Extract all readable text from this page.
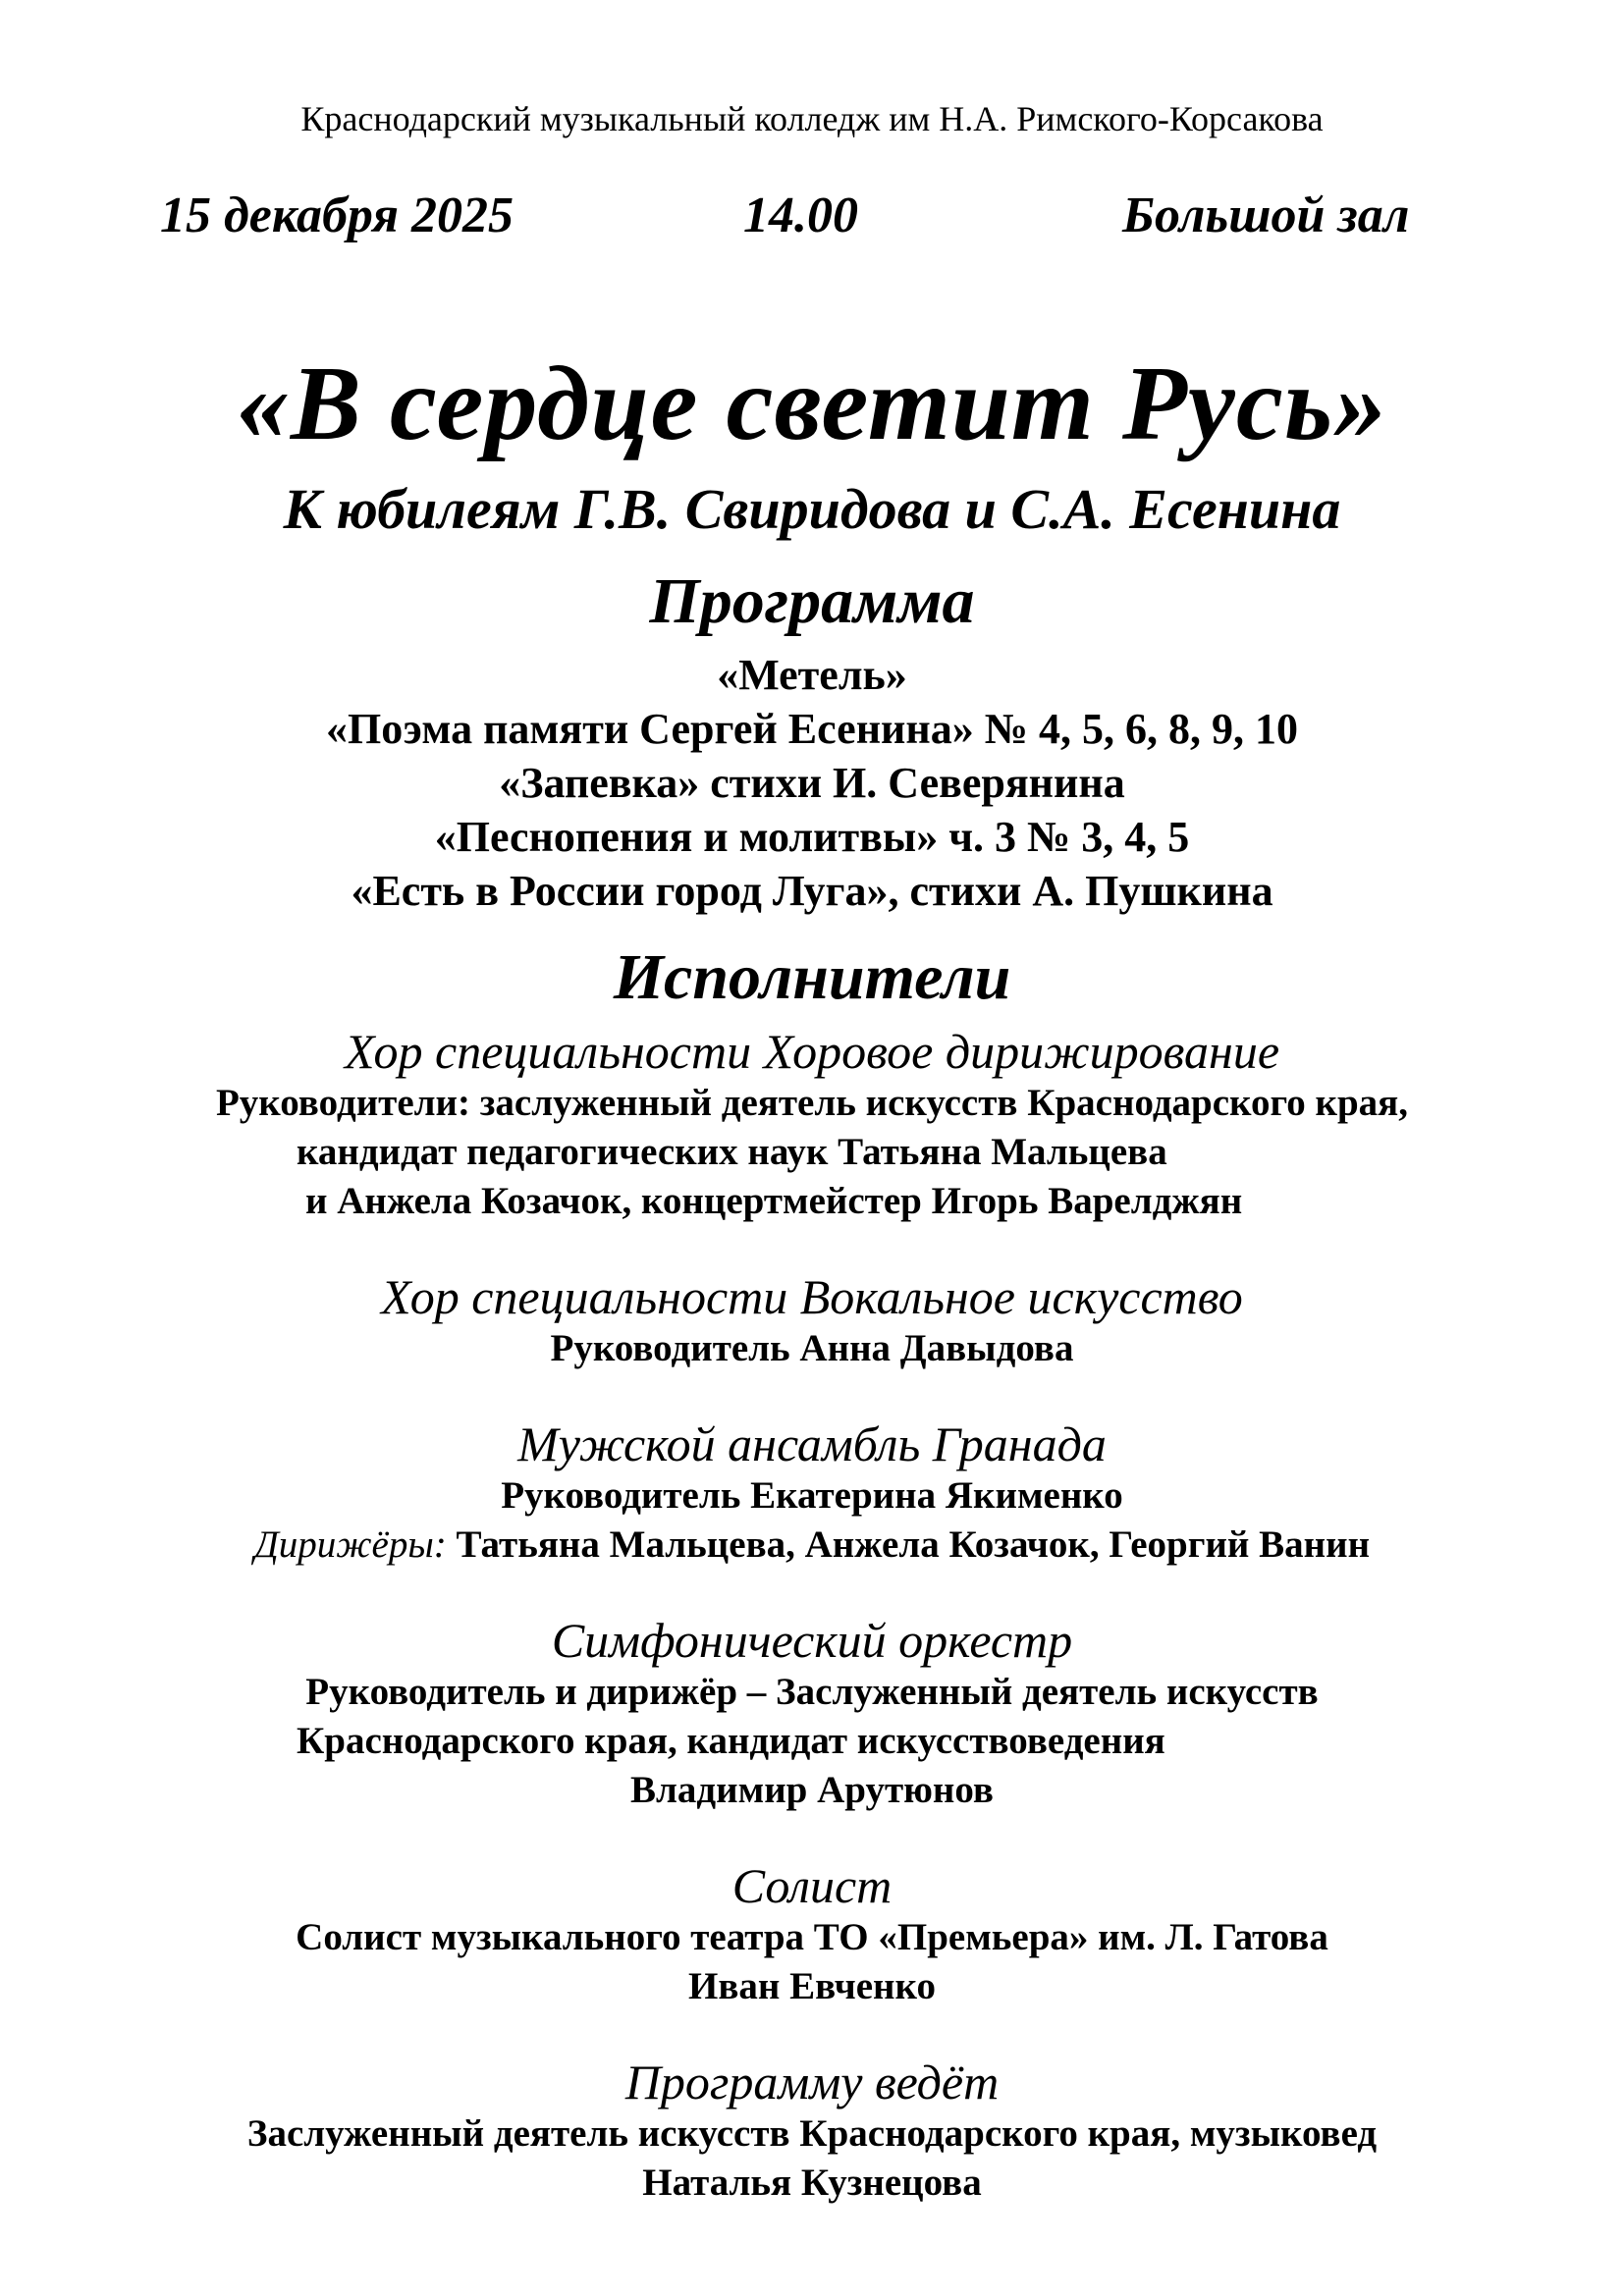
Краснодарский музыкальный колледж им Н.А. Римского-Корсакова
15 декабря 2025	14.00	Большой зал
«В сердце светит Русь»
К юбилеям Г.В. Свиридова и С.А. Есенина
Программа
«Метель»
«Поэма памяти Сергей Есенина» № 4, 5, 6, 8, 9, 10
«Запевка» стихи И. Северянина
«Песнопения и молитвы» ч. 3 № 3, 4, 5
«Есть в России город Луга», стихи А. Пушкина
Исполнители
Хор специальности Хоровое дирижирование
Руководители: заслуженный деятель искусств Краснодарского края,
кандидат педагогических наук Татьяна Мальцева
и Анжела Козачок, концертмейстер Игорь Варелджян
Хор специальности Вокальное искусство
Руководитель Анна Давыдова
Мужской ансамбль Гранада
Руководитель Екатерина Якименко
Дирижёры: Татьяна Мальцева, Анжела Козачок, Георгий Ванин
Симфонический оркестр
Руководитель и дирижёр – Заслуженный деятель искусств
Краснодарского края, кандидат искусствоведения
Владимир Арутюнов
Солист
Солист музыкального театра ТО «Премьера» им. Л. Гатова
Иван Евченко
Программу ведёт
Заслуженный деятель искусств Краснодарского края, музыковед
Наталья Кузнецова
